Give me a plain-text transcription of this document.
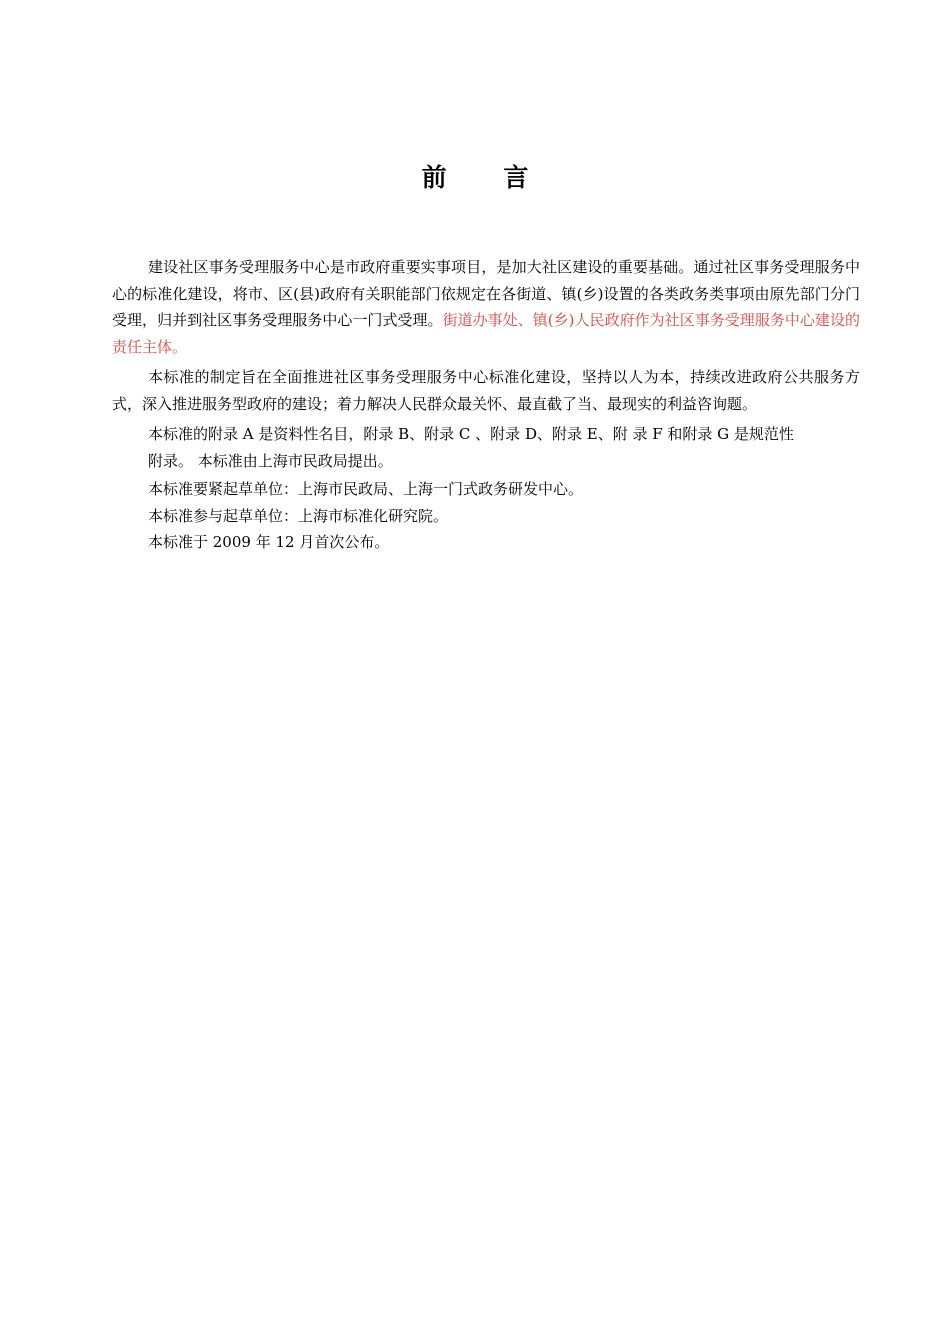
前 言

建设社区事务受理服务中心是市政府重要实事项目，是加大社区建设的重要基础。通过社区事务受理服务中心的标准化建设，将市、区(县)政府有关职能部门依规定在各街道、镇(乡)设置的各类政务类事项由原先部门分门受理，归并到社区事务受理服务中心一门式受理。街道办事处、镇(乡)人民政府作为社区事务受理服务中心建设的责任主体。

本标准的制定旨在全面推进社区事务受理服务中心标准化建设，坚持以人为本，持续改进政府公共服务方式，深入推进服务型政府的建设；着力解决人民群众最关怀、最直截了当、最现实的利益咨询题。

本标准的附录 A 是资料性名目，附录 B、附录 C 、附录 D、附录 E、附 录 F 和附录 G 是规范性

附录。 本标准由上海市民政局提出。

本标准要紧起草单位：上海市民政局、上海一门式政务研发中心。

本标准参与起草单位：上海市标准化研究院。

本标准于 2009 年 12 月首次公布。
